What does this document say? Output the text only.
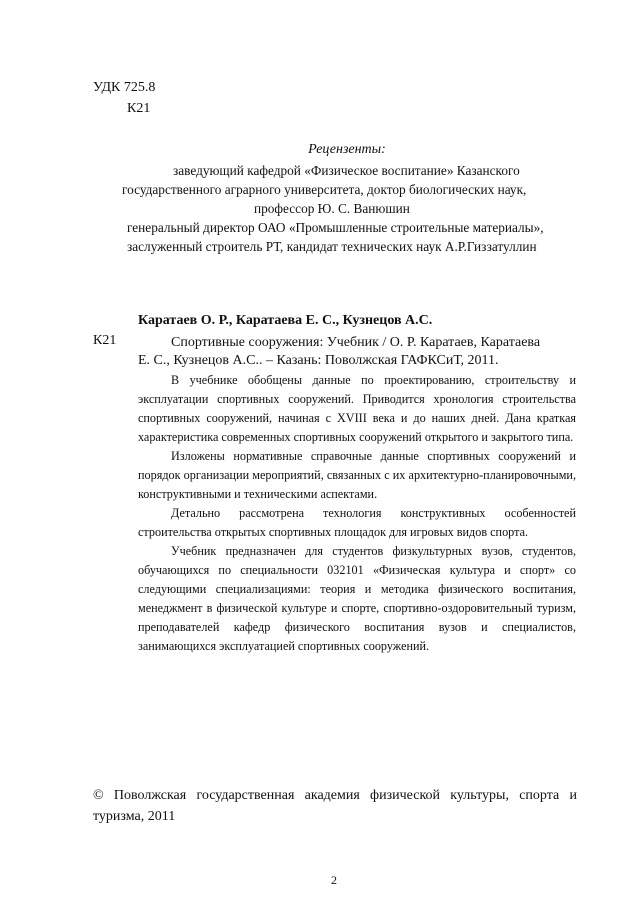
УДК 725.8
К21
Рецензенты:
заведующий кафедрой «Физическое воспитание» Казанского
государственного аграрного университета, доктор биологических наук,
профессор Ю. С. Ванюшин
генеральный директор ОАО «Промышленные строительные материалы»,
заслуженный строитель РТ, кандидат технических наук А.Р.Гиззатуллин
Каратаев О. Р., Каратаева Е. С., Кузнецов А.С.
К21	Спортивные сооружения: Учебник / О. Р. Каратаев, Каратаева
Е. С., Кузнецов А.С.. – Казань: Поволжская ГАФКСиТ, 2011.

В учебнике обобщены данные по проектированию, строительству и эксплуатации спортивных сооружений. Приводится хронология строительства спортивных сооружений, начиная с XVIII века и до наших дней. Дана краткая характеристика современных спортивных сооружений открытого и закрытого типа.

Изложены нормативные справочные данные спортивных сооружений и порядок организации мероприятий, связанных с их архитектурно-планировочными, конструктивными и техническими аспектами.

Детально рассмотрена технология конструктивных особенностей строительства открытых спортивных площадок для игровых видов спорта.

Учебник предназначен для студентов физкультурных вузов, студентов, обучающихся по специальности 032101 «Физическая культура и спорт» со следующими специализациями: теория и методика физического воспитания, менеджмент в физической культуре и спорте, спортивно-оздоровительный туризм, преподавателей кафедр физического воспитания вузов и специалистов, занимающихся эксплуатацией спортивных сооружений.

© Поволжская государственная академия физической культуры, спорта и туризма, 2011
2
